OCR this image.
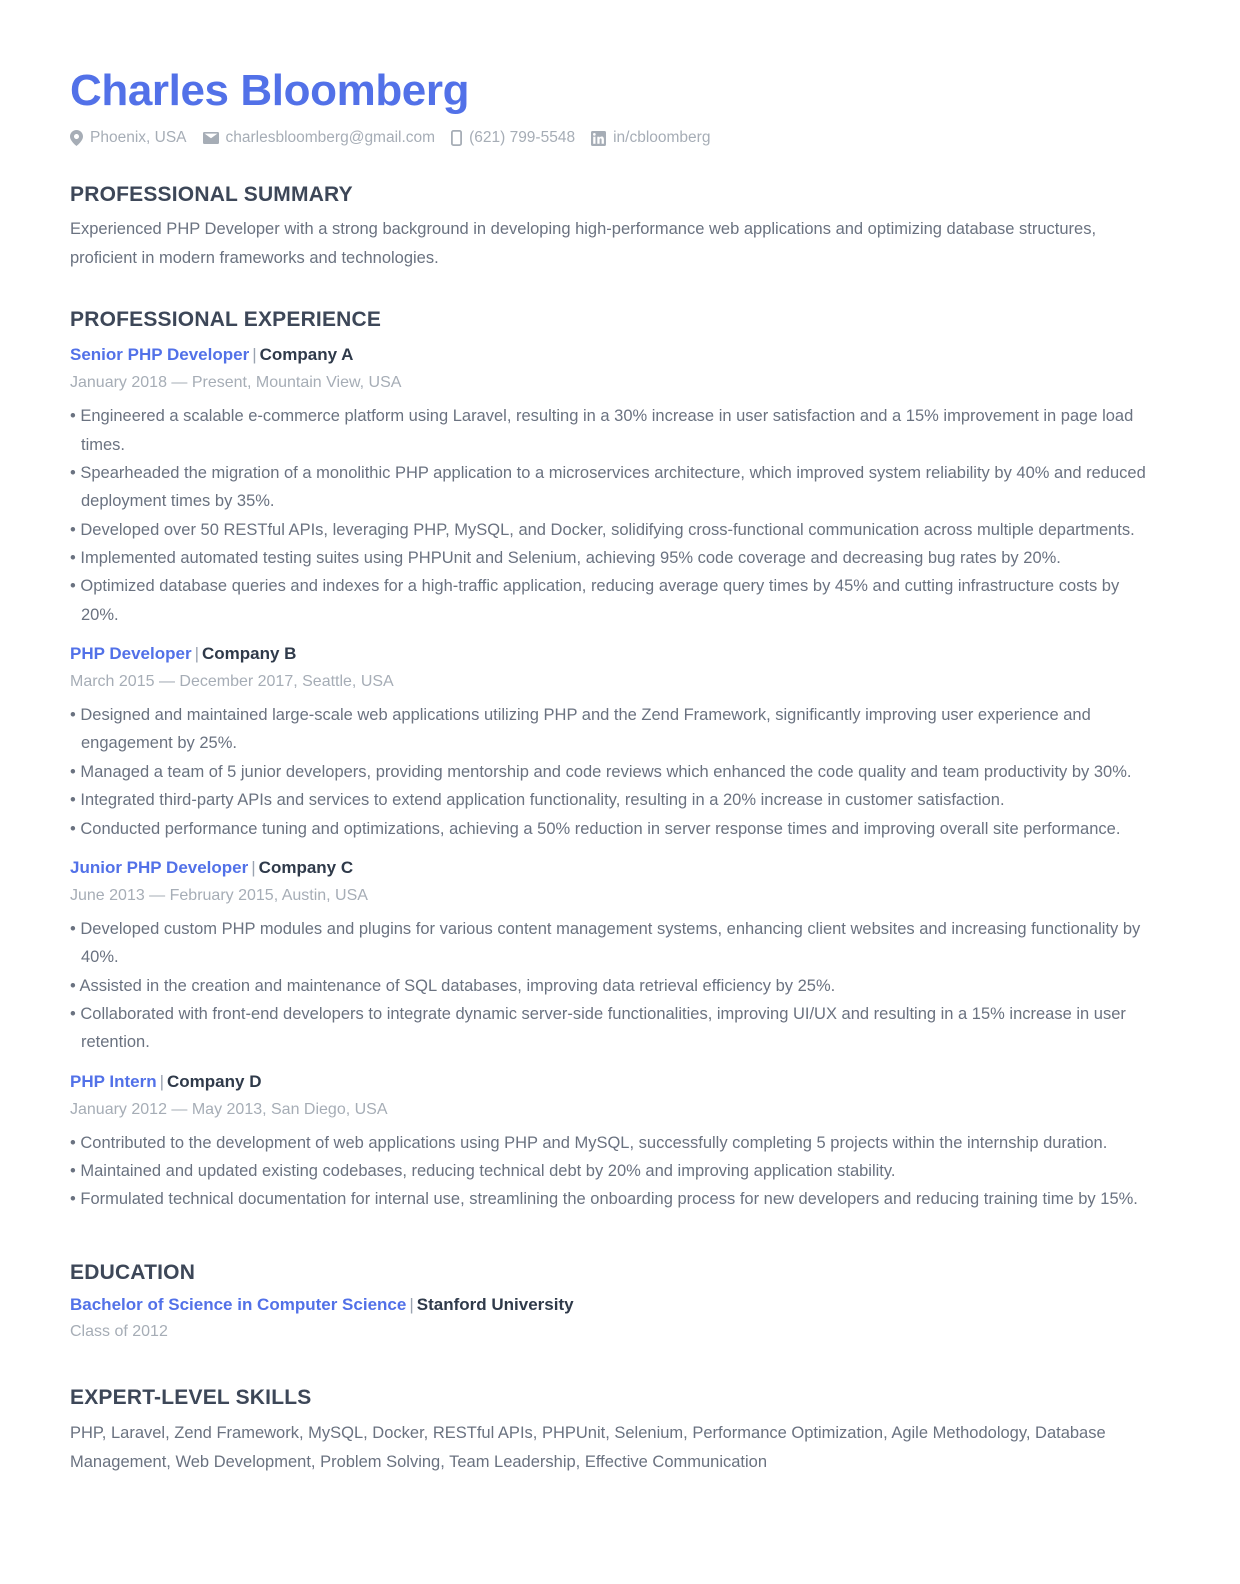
Charles Bloomberg
Phoenix, USA	charlesbloomberg@gmail.com (621) 799-5548 in/cbloomberg
PROFESSIONAL SUMMARY

Experienced PHP Developer with a strong background in developing high-performance web applications and optimizing database structures, proficient in modern frameworks and technologies.

PROFESSIONAL EXPERIENCE
Senior PHP Developer | Company A

January 2018 — Present, Mountain View, USA

• Engineered a scalable e-commerce platform using Laravel, resulting in a 30% increase in user satisfaction and a 15% improvement in page load times.
• Spearheaded the migration of a monolithic PHP application to a microservices architecture, which improved system reliability by 40% and reduced deployment times by 35%.
• Developed over 50 RESTful APIs, leveraging PHP, MySQL, and Docker, solidifying cross-functional communication across multiple departments.
• Implemented automated testing suites using PHPUnit and Selenium, achieving 95% code coverage and decreasing bug rates by 20%.
• Optimized database queries and indexes for a high-traffic application, reducing average query times by 45% and cutting infrastructure costs by 20%.
PHP Developer | Company B

March 2015 — December 2017, Seattle, USA

• Designed and maintained large-scale web applications utilizing PHP and the Zend Framework, significantly improving user experience and engagement by 25%.
• Managed a team of 5 junior developers, providing mentorship and code reviews which enhanced the code quality and team productivity by 30%.
• Integrated third-party APIs and services to extend application functionality, resulting in a 20% increase in customer satisfaction.
• Conducted performance tuning and optimizations, achieving a 50% reduction in server response times and improving overall site performance.
Junior PHP Developer | Company C

June 2013 — February 2015, Austin, USA

• Developed custom PHP modules and plugins for various content management systems, enhancing client websites and increasing functionality by 40%.
• Assisted in the creation and maintenance of SQL databases, improving data retrieval efficiency by 25%.
• Collaborated with front-end developers to integrate dynamic server-side functionalities, improving UI/UX and resulting in a 15% increase in user retention.
PHP Intern | Company D

January 2012 — May 2013, San Diego, USA

• Contributed to the development of web applications using PHP and MySQL, successfully completing 5 projects within the internship duration.
• Maintained and updated existing codebases, reducing technical debt by 20% and improving application stability.
• Formulated technical documentation for internal use, streamlining the onboarding process for new developers and reducing training time by 15%.
EDUCATION
Bachelor of Science in Computer Science | Stanford University

Class of 2012

EXPERT-LEVEL SKILLS

PHP, Laravel, Zend Framework, MySQL, Docker, RESTful APIs, PHPUnit, Selenium, Performance Optimization, Agile Methodology, Database Management, Web Development, Problem Solving, Team Leadership, Effective Communication
